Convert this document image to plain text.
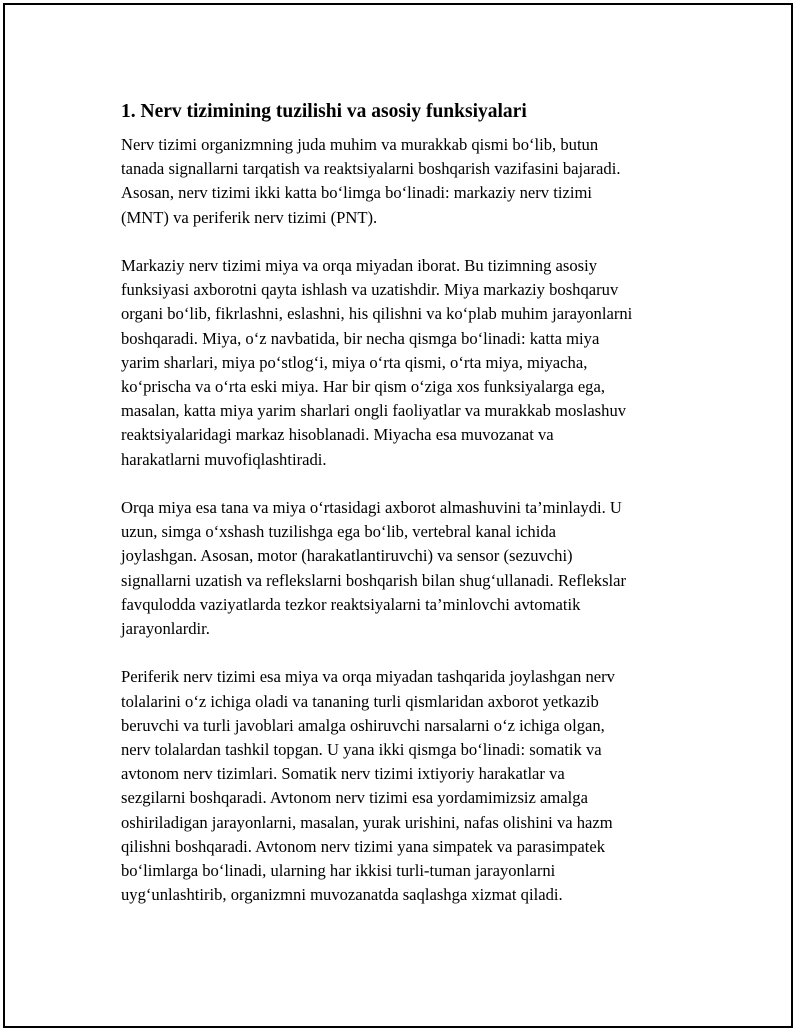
1. Nerv tizimining tuzilishi va asosiy funksiyalari

Nerv tizimi organizmning juda muhim va murakkab qismi bo‘lib, butun
tanada signallarni tarqatish va reaktsiyalarni boshqarish vazifasini bajaradi.
Asosan, nerv tizimi ikki katta bo‘limga bo‘linadi: markaziy nerv tizimi
(MNT) va periferik nerv tizimi (PNT).

Markaziy nerv tizimi miya va orqa miyadan iborat. Bu tizimning asosiy
funksiyasi axborotni qayta ishlash va uzatishdir. Miya markaziy boshqaruv
organi bo‘lib, fikrlashni, eslashni, his qilishni va ko‘plab muhim jarayonlarni
boshqaradi. Miya, o‘z navbatida, bir necha qismga bo‘linadi: katta miya
yarim sharlari, miya po‘stlog‘i, miya o‘rta qismi, o‘rta miya, miyacha,
ko‘prischa va o‘rta eski miya. Har bir qism o‘ziga xos funksiyalarga ega,
masalan, katta miya yarim sharlari ongli faoliyatlar va murakkab moslashuv
reaktsiyalaridagi markaz hisoblanadi. Miyacha esa muvozanat va
harakatlarni muvofiqlashtiradi.

Orqa miya esa tana va miya o‘rtasidagi axborot almashuvini ta’minlaydi. U
uzun, simga o‘xshash tuzilishga ega bo‘lib, vertebral kanal ichida
joylashgan. Asosan, motor (harakatlantiruvchi) va sensor (sezuvchi)
signallarni uzatish va reflekslarni boshqarish bilan shug‘ullanadi. Reflekslar
favqulodda vaziyatlarda tezkor reaktsiyalarni ta’minlovchi avtomatik
jarayonlardir.

Periferik nerv tizimi esa miya va orqa miyadan tashqarida joylashgan nerv
tolalarini o‘z ichiga oladi va tananing turli qismlaridan axborot yetkazib
beruvchi va turli javoblari amalga oshiruvchi narsalarni o‘z ichiga olgan,
nerv tolalardan tashkil topgan. U yana ikki qismga bo‘linadi: somatik va
avtonom nerv tizimlari. Somatik nerv tizimi ixtiyoriy harakatlar va
sezgilarni boshqaradi. Avtonom nerv tizimi esa yordamimizsiz amalga
oshiriladigan jarayonlarni, masalan, yurak urishini, nafas olishini va hazm
qilishni boshqaradi. Avtonom nerv tizimi yana simpatek va parasimpatek
bo‘limlarga bo‘linadi, ularning har ikkisi turli-tuman jarayonlarni
uyg‘unlashtirib, organizmni muvozanatda saqlashga xizmat qiladi.
